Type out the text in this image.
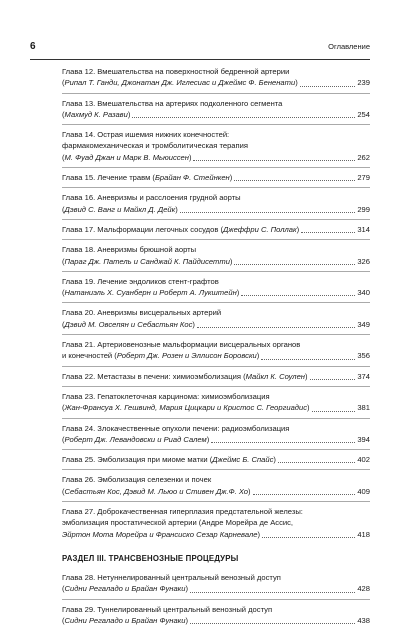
6	Оглавление

Глава 12. Вмешательства на поверхностной бедренной артерии

(Рипал Т. Ганди, Джонатан Дж. Иглесиас и Джеймс Ф. Бененати)	239

Глава 13. Вмешательства на артериях подколенного сегмента

(Махмуд К. Разави)	254

Глава 14. Острая ишемия нижних конечностей:

фармакомеханическая и тромболитическая терапия

(М. Фуад Джан и Марк В. Мьюиссен)	262
Глава 15. Лечение травм (Брайан Ф. Стейнкен)	279

Глава 16. Аневризмы и расслоения грудной аорты

(Дэвид С. Ванг и Майкл Д. Дейк)	299
Глава 17. Мальформации легочных сосудов (Джеффри С. Поллак)	314

Глава 18. Аневризмы брюшной аорты

(Параг Дж. Патель и Санджай К. Пайдисетти)	326

Глава 19. Лечение эндоликов стент-графтов

(Натаниэль Х. Суанберн и Роберт А. Лукштейн)	340

Глава 20. Аневризмы висцеральных артерий

(Дэвид М. Овсепян и Себастьян Кос)	349

Глава 21. Артериовенозные мальформации висцеральных органов

и конечностей (Роберт Дж. Розен и Эллисон Боровски)	356
Глава 22. Метастазы в печени: химиоэмболизация (Майкл К. Соулен)	374

Глава 23. Гепатоклеточная карцинома: химиоэмболизация

(Жан-Франсуа Х. Гешвинд, Мария Цицкари и Кристос С. Георгиадис)	381

Глава 24. Злокачественные опухоли печени: радиоэмболизация

(Роберт Дж. Левандовски и Риад Салем)	394
Глава 25. Эмболизация при миоме матки (Джеймс Б. Спайс)	402

Глава 26. Эмболизация селезенки и почек

(Себастьян Кос, Дэвид М. Льюо и Стивен Дж.Ф. Хо)	409

Глава 27. Доброкачественная гиперплазия предстательной железы:

эмболизация простатической артерии (Андре Морейра де Ассис,

Эйртон Мота Морейра и Франсиско Сезар Карневале)	418
РАЗДЕЛ III. ТРАНСВЕНОЗНЫЕ ПРОЦЕДУРЫ

Глава 28. Нетуннелированный центральный венозный доступ

(Сидни Регаладо и Брайан Фунаки)	428

Глава 29. Туннелированный центральный венозный доступ

(Сидни Регаладо и Брайан Фунаки)	438
